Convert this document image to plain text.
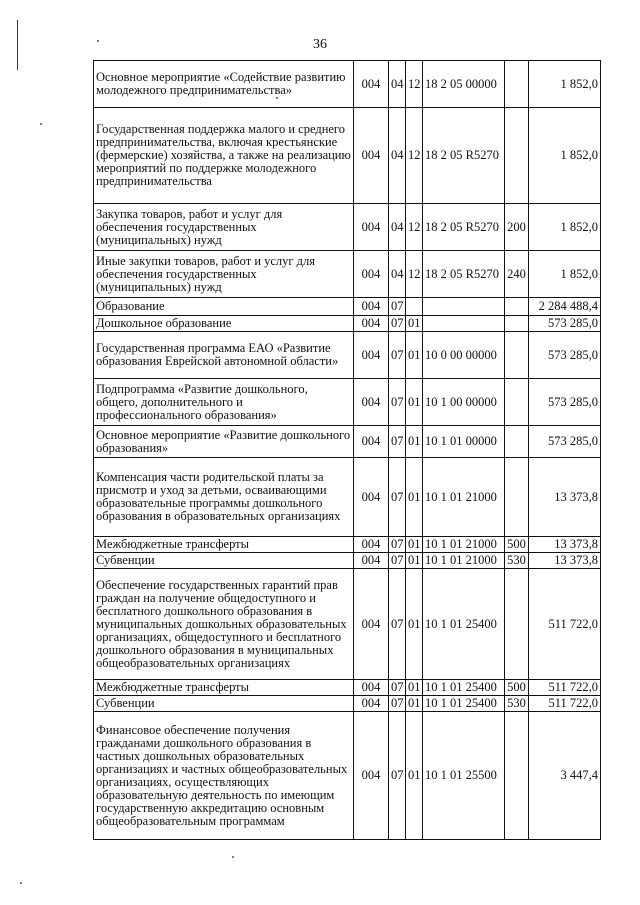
36
Основное мероприятие «Содействие развитию молодежного предпринимательства»	004	04	12	18 2 05 00000		1 852,0
Государственная поддержка малого и среднего предпринимательства, включая крестьянские (фермерские) хозяйства, а также на реализацию мероприятий по поддержке молодежного предпринимательства	004	04	12	18 2 05 R5270		1 852,0
Закупка товаров, работ и услуг для обеспечения государственных (муниципальных) нужд	004	04	12	18 2 05 R5270	200	1 852,0
Иные закупки товаров, работ и услуг для обеспечения государственных (муниципальных) нужд	004	04	12	18 2 05 R5270	240	1 852,0
Образование	004	07				2 284 488,4
Дошкольное образование	004	07	01			573 285,0
Государственная программа ЕАО «Развитие образования Еврейской автономной области»	004	07	01	10 0 00 00000		573 285,0
Подпрограмма «Развитие дошкольного, общего, дополнительного и профессионального образования»	004	07	01	10 1 00 00000		573 285,0
Основное мероприятие «Развитие дошкольного образования»	004	07	01	10 1 01 00000		573 285,0
Компенсация части родительской платы за присмотр и уход за детьми, осваивающими образовательные программы дошкольного образования в образовательных организациях	004	07	01	10 1 01 21000		13 373,8
Межбюджетные трансферты	004	07	01	10 1 01 21000	500	13 373,8
Субвенции	004	07	01	10 1 01 21000	530	13 373,8
Обеспечение государственных гарантий прав граждан на получение общедоступного и бесплатного дошкольного образования в муниципальных дошкольных образовательных организациях, общедоступного и бесплатного дошкольного образования в муниципальных общеобразовательных организациях	004	07	01	10 1 01 25400		511 722,0
Межбюджетные трансферты	004	07	01	10 1 01 25400	500	511 722,0
Субвенции	004	07	01	10 1 01 25400	530	511 722,0
Финансовое обеспечение получения гражданами дошкольного образования в частных дошкольных образовательных организациях и частных общеобразовательных организациях, осуществляющих образовательную деятельность по имеющим государственную аккредитацию основным общеобразовательным программам	004	07	01	10 1 01 25500		3 447,4
